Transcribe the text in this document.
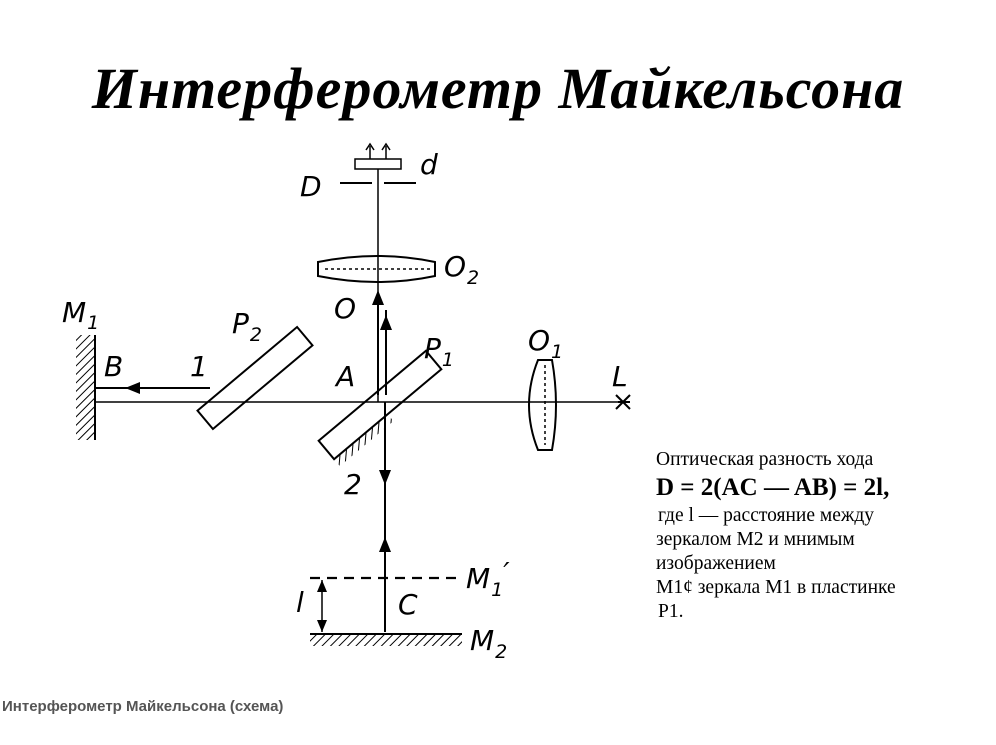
Интерферометр Майкельсона
D
d
$O_2$
O
$M_1$
B 1
$P_2$
A
$P_1$
$O_1$
L
2
$M_1'$
l	C
$M_2$
Оптическая разность хода
D = 2(AC — AB) = 2l,
где l — расстояние между
зеркалом M2 и мнимым
изображением
M1¢ зеркала M1 в пластинке
P1.
Интерферометр Майкельсона (схема)
